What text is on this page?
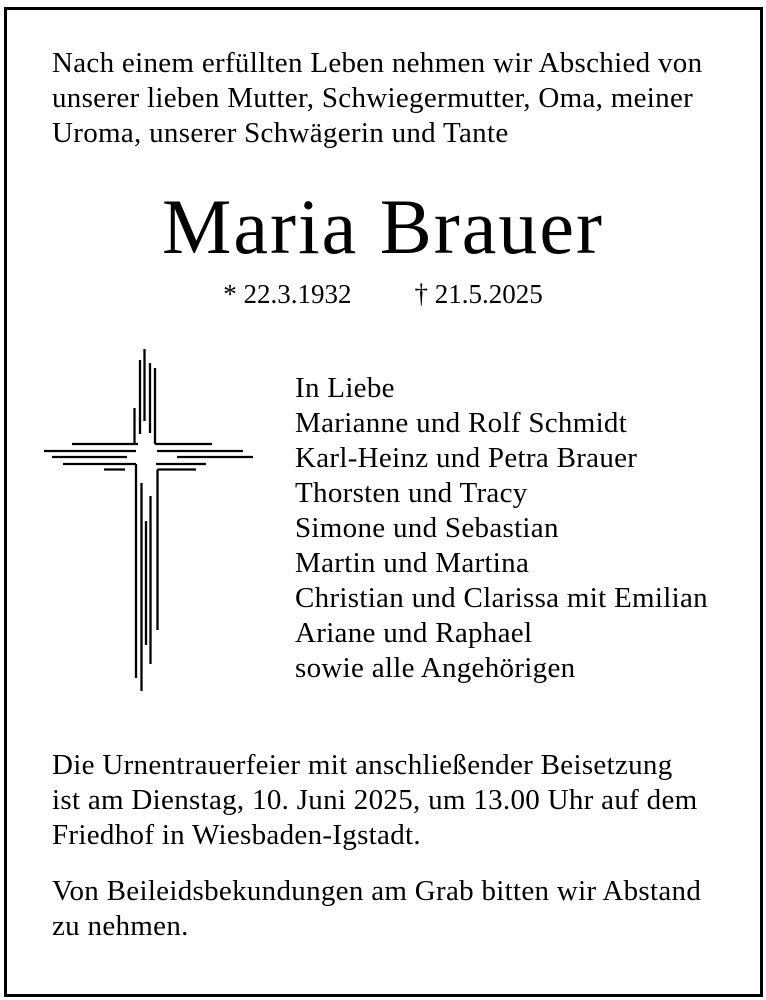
Nach einem erfüllten Leben nehmen wir Abschied von
unserer lieben Mutter, Schwiegermutter, Oma, meiner
Uroma, unserer Schwägerin und Tante
Maria Brauer
* 22.3.1932 † 21.5.2025
In Liebe
Marianne und Rolf Schmidt
Karl-Heinz und Petra Brauer
Thorsten und Tracy
Simone und Sebastian
Martin und Martina
Christian und Clarissa mit Emilian
Ariane und Raphael
sowie alle Angehörigen
Die Urnentrauerfeier mit anschließender Beisetzung
ist am Dienstag, 10. Juni 2025, um 13.00 Uhr auf dem
Friedhof in Wiesbaden-Igstadt.
Von Beileidsbekundungen am Grab bitten wir Abstand
zu nehmen.
